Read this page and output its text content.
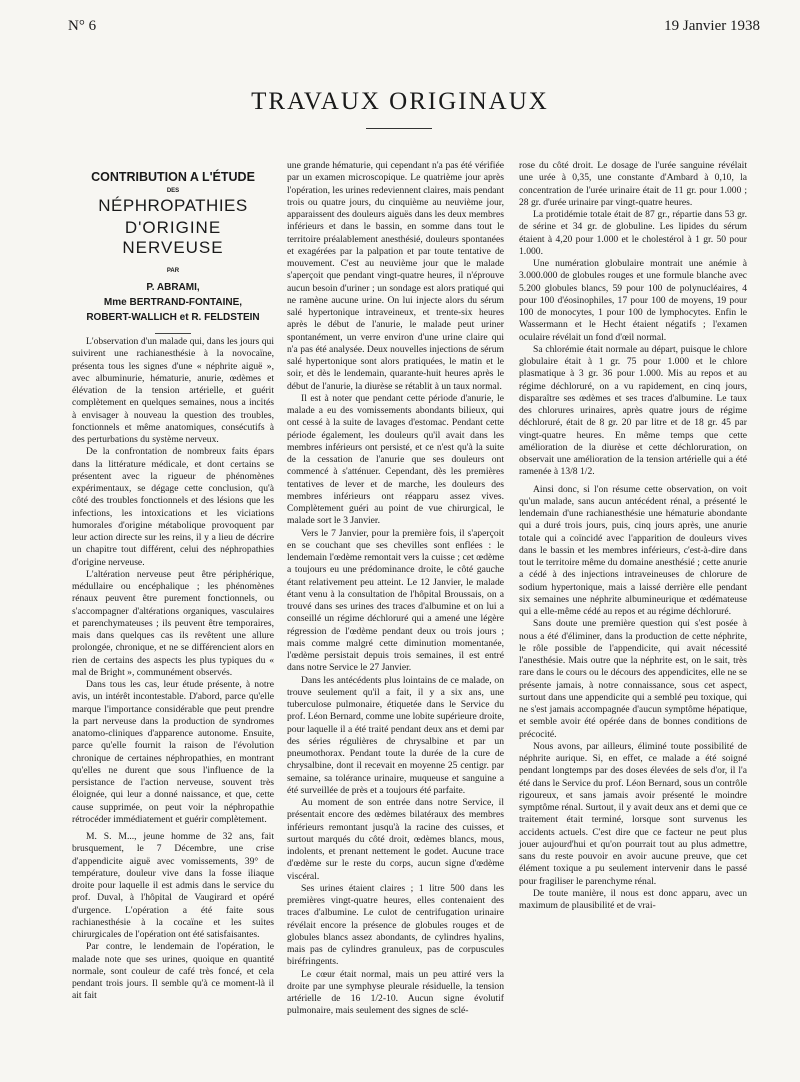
N° 6	19 Janvier 1938
TRAVAUX ORIGINAUX
CONTRIBUTION A L'ÉTUDE
DES
NÉPHROPATHIES
D'ORIGINE NERVEUSE
PAR
P. ABRAMI,
Mme BERTRAND-FONTAINE,
ROBERT-WALLICH et R. FELDSTEIN

L'observation d'un malade qui, dans les jours qui suivirent une rachianesthésie à la novocaïne, présenta tous les signes d'une « néphrite aiguë », avec albuminurie, hématurie, anurie, œdèmes et élévation de la tension artérielle, et guérit complètement en quelques semaines, nous a incités à envisager à nouveau la question des troubles, fonctionnels et même anatomiques, consécutifs à des perturbations du système nerveux.

De la confrontation de nombreux faits épars dans la littérature médicale, et dont certains se présentent avec la rigueur de phénomènes expérimentaux, se dégage cette conclusion, qu'à côté des troubles fonctionnels et des lésions que les infections, les intoxications et les viciations humorales d'origine métabolique provoquent par leur action directe sur les reins, il y a lieu de décrire un chapitre tout différent, celui des néphropathies d'origine nerveuse.

L'altération nerveuse peut être périphérique, médullaire ou encéphalique ; les phénomènes rénaux peuvent être purement fonctionnels, ou s'accompagner d'altérations organiques, vasculaires et parenchymateuses ; ils peuvent être temporaires, mais dans quelques cas ils revêtent une allure prolongée, chronique, et ne se différencient alors en rien de certains des aspects les plus typiques du « mal de Bright », communément observés.

Dans tous les cas, leur étude présente, à notre avis, un intérêt incontestable. D'abord, parce qu'elle marque l'importance considérable que peut prendre la part nerveuse dans la production de syndromes anatomo-cliniques d'apparence autonome. Ensuite, parce qu'elle fournit la raison de l'évolution chronique de certaines néphropathies, en montrant qu'elles ne durent que sous l'influence de la persistance de l'action nerveuse, souvent très éloignée, qui leur a donné naissance, et que, cette cause supprimée, on peut voir la néphropathie rétrocéder immédiatement et guérir complètement.

M. S. M..., jeune homme de 32 ans, fait brusquement, le 7 Décembre, une crise d'appendicite aiguë avec vomissements, 39° de température, douleur vive dans la fosse iliaque droite pour laquelle il est admis dans le service du prof. Duval, à l'hôpital de Vaugirard et opéré d'urgence. L'opération a été faite sous rachianesthésie à la cocaïne et les suites chirurgicales de l'opération ont été satisfaisantes.

Par contre, le lendemain de l'opération, le malade note que ses urines, quoique en quantité normale, sont couleur de café très foncé, et cela pendant trois jours. Il semble qu'à ce moment-là il ait fait

une grande hématurie, qui cependant n'a pas été vérifiée par un examen microscopique. Le quatrième jour après l'opération, les urines redeviennent claires, mais pendant trois ou quatre jours, du cinquième au neuvième jour, apparaissent des douleurs aiguës dans les deux membres inférieurs et dans le bassin, en somme dans tout le territoire préalablement anesthésié, douleurs spontanées et exagérées par la palpation et par toute tentative de mouvement. C'est au neuvième jour que le malade s'aperçoit que pendant vingt-quatre heures, il n'éprouve aucun besoin d'uriner ; un sondage est alors pratiqué qui ne ramène aucune urine. On lui injecte alors du sérum salé hypertonique intraveineux, et trente-six heures après le début de l'anurie, le malade peut uriner spontanément, un verre environ d'une urine claire qui n'a pas été analysée. Deux nouvelles injections de sérum salé hypertonique sont alors pratiquées, le matin et le soir, et dès le lendemain, quarante-huit heures après le début de l'anurie, la diurèse se rétablit à un taux normal.

Il est à noter que pendant cette période d'anurie, le malade a eu des vomissements abondants bilieux, qui ont cessé à la suite de lavages d'estomac. Pendant cette période également, les douleurs qu'il avait dans les membres inférieurs ont persisté, et ce n'est qu'à la suite de la cessation de l'anurie que ses douleurs ont commencé à s'atténuer. Cependant, dès les premières tentatives de lever et de marche, les douleurs des membres inférieurs ont réapparu assez vives. Complètement guéri au point de vue chirurgical, le malade sort le 3 Janvier.

Vers le 7 Janvier, pour la première fois, il s'aperçoit en se couchant que ses chevilles sont enflées : le lendemain l'œdème remontait vers la cuisse ; cet œdème a toujours eu une prédominance droite, le côté gauche étant relativement peu atteint. Le 12 Janvier, le malade étant venu à la consultation de l'hôpital Broussais, on a trouvé dans ses urines des traces d'albumine et on lui a conseillé un régime déchloruré qui a amené une légère régression de l'œdème pendant deux ou trois jours ; mais comme malgré cette diminution momentanée, l'œdème persistait depuis trois semaines, il est entré dans notre Service le 27 Janvier.

Dans les antécédents plus lointains de ce malade, on trouve seulement qu'il a fait, il y a six ans, une tuberculose pulmonaire, étiquetée dans le Service du prof. Léon Bernard, comme une lobite supérieure droite, pour laquelle il a été traité pendant deux ans et demi par des séries régulières de chrysalbine et par un pneumothorax. Pendant toute la durée de la cure de chrysalbine, dont il recevait en moyenne 25 centigr. par semaine, sa tolérance urinaire, muqueuse et sanguine a été surveillée de près et a toujours été parfaite.

Au moment de son entrée dans notre Service, il présentait encore des œdèmes bilatéraux des membres inférieurs remontant jusqu'à la racine des cuisses, et surtout marqués du côté droit, œdèmes blancs, mous, indolents, et prenant nettement le godet. Aucune trace d'œdème sur le reste du corps, aucun signe d'œdème viscéral.

Ses urines étaient claires ; 1 litre 500 dans les premières vingt-quatre heures, elles contenaient des traces d'albumine. Le culot de centrifugation urinaire révélait encore la présence de globules rouges et de globules blancs assez abondants, de cylindres hyalins, mais pas de cylindres granuleux, pas de corpuscules biréfringents.

Le cœur était normal, mais un peu attiré vers la droite par une symphyse pleurale résiduelle, la tension artérielle de 16 1/2-10. Aucun signe évolutif pulmonaire, mais seulement des signes de sclé-

rose du côté droit. Le dosage de l'urée sanguine révélait une urée à 0,35, une constante d'Ambard à 0,10, la concentration de l'urée urinaire était de 11 gr. pour 1.000 ; 28 gr. d'urée urinaire par vingt-quatre heures.

La protidémie totale était de 87 gr., répartie dans 53 gr. de sérine et 34 gr. de globuline. Les lipides du sérum étaient à 4,20 pour 1.000 et le cholestérol à 1 gr. 50 pour 1.000.

Une numération globulaire montrait une anémie à 3.000.000 de globules rouges et une formule blanche avec 5.200 globules blancs, 59 pour 100 de polynucléaires, 4 pour 100 d'éosinophiles, 17 pour 100 de moyens, 19 pour 100 de monocytes, 1 pour 100 de lymphocytes. Enfin le Wassermann et le Hecht étaient négatifs ; l'examen oculaire révélait un fond d'œil normal.

Sa chlorémie était normale au départ, puisque le chlore globulaire était à 1 gr. 75 pour 1.000 et le chlore plasmatique à 3 gr. 36 pour 1.000. Mis au repos et au régime déchloruré, on a vu rapidement, en cinq jours, disparaître ses œdèmes et ses traces d'albumine. Le taux des chlorures urinaires, après quatre jours de régime déchloruré, était de 8 gr. 20 par litre et de 18 gr. 45 par vingt-quatre heures. En même temps que cette amélioration de la diurèse et cette déchloruration, on observait une amélioration de la tension artérielle qui a été ramenée à 13/8 1/2.

Ainsi donc, si l'on résume cette observation, on voit qu'un malade, sans aucun antécédent rénal, a présenté le lendemain d'une rachianesthésie une hématurie abondante qui a duré trois jours, puis, cinq jours après, une anurie totale qui a coïncidé avec l'apparition de douleurs vives dans le bassin et les membres inférieurs, c'est-à-dire dans tout le territoire même du domaine anesthésié ; cette anurie a cédé à des injections intraveineuses de chlorure de sodium hypertonique, mais a laissé derrière elle pendant six semaines une néphrite albumineurique et œdémateuse qui a elle-même cédé au repos et au régime déchloruré.

Sans doute une première question qui s'est posée à nous a été d'éliminer, dans la production de cette néphrite, le rôle possible de l'appendicite, qui avait nécessité l'anesthésie. Mais outre que la néphrite est, on le sait, très rare dans le cours ou le décours des appendicites, elle ne se présente jamais, à notre connaissance, sous cet aspect, surtout dans une appendicite qui a semblé peu toxique, qui ne s'est jamais accompagnée d'aucun symptôme hépatique, et semble avoir été opérée dans de bonnes conditions de précocité.

Nous avons, par ailleurs, éliminé toute possibilité de néphrite aurique. Si, en effet, ce malade a été soigné pendant longtemps par des doses élevées de sels d'or, il l'a été dans le Service du prof. Léon Bernard, sous un contrôle rigoureux, et sans jamais avoir présenté le moindre symptôme rénal. Surtout, il y avait deux ans et demi que ce traitement était terminé, lorsque sont survenus les accidents actuels. C'est dire que ce facteur ne peut plus jouer aujourd'hui et qu'on pourrait tout au plus admettre, sans du reste pouvoir en avoir aucune preuve, que cet élément toxique a pu seulement intervenir dans le passé pour fragiliser le parenchyme rénal.

De toute manière, il nous est donc apparu, avec un maximum de plausibilité et de vrai-
